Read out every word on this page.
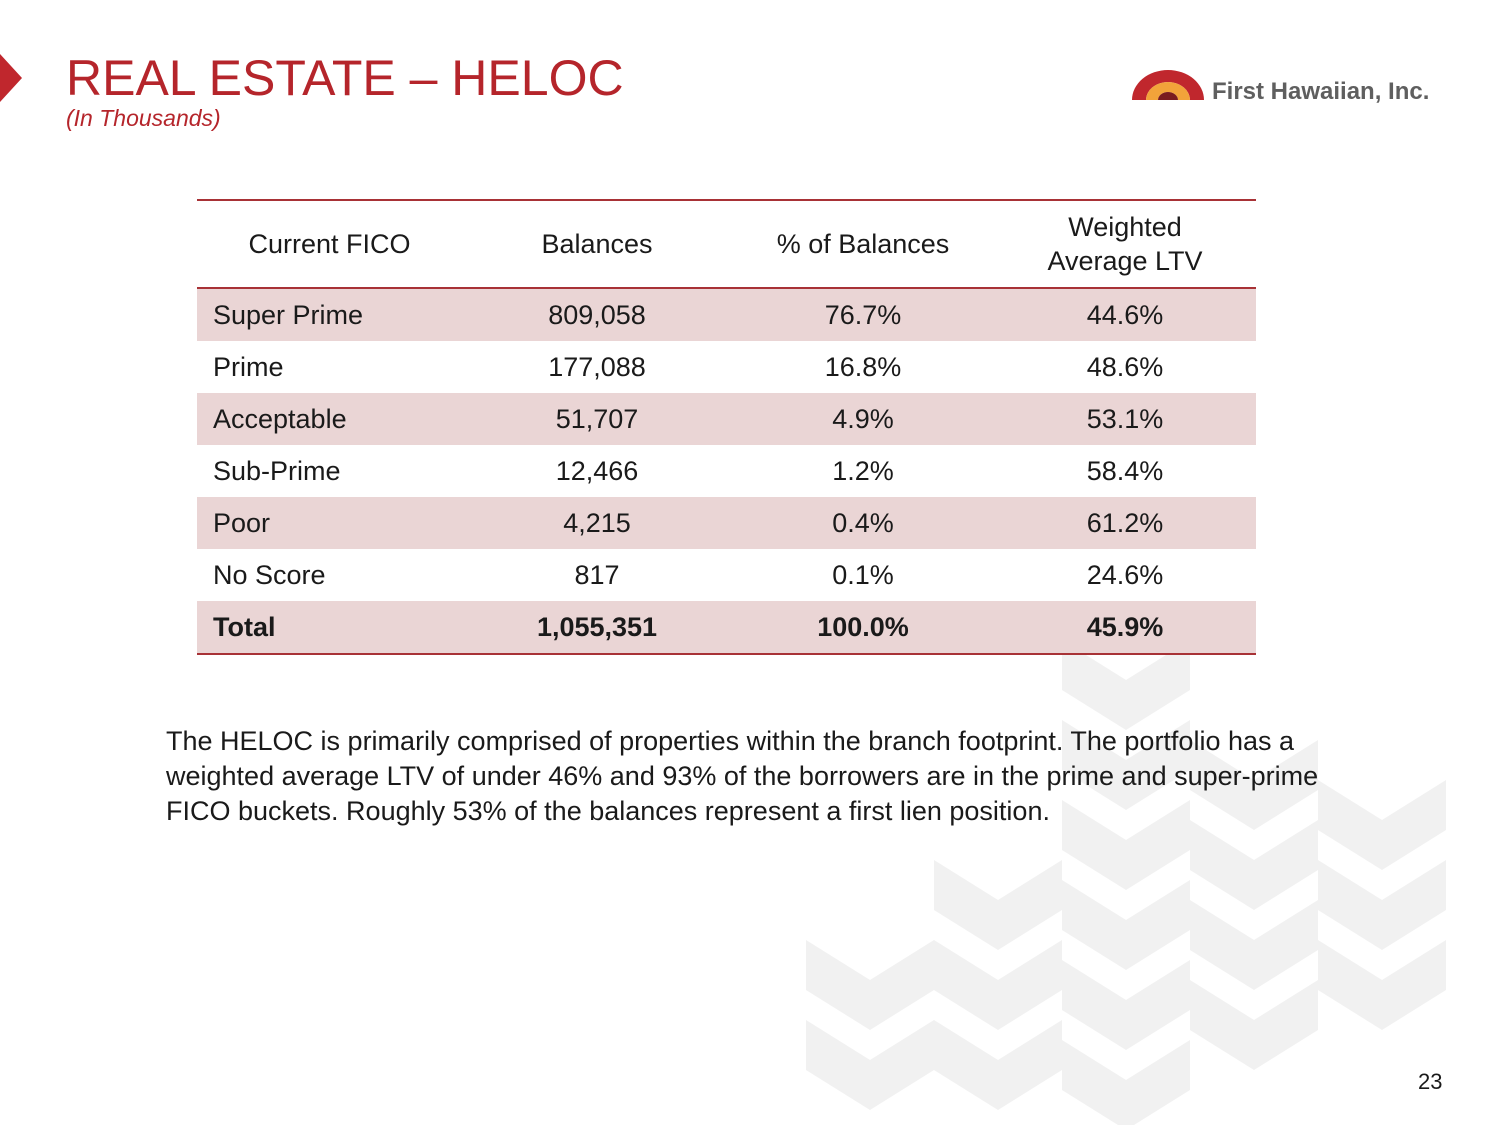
REAL ESTATE – HELOC
(In Thousands)
First Hawaiian, Inc.
Current FICO	Balances	% of Balances	Weighted Average LTV
Super Prime	809,058	76.7%	44.6%
Prime	177,088	16.8%	48.6%
Acceptable	51,707	4.9%	53.1%
Sub-Prime	12,466	1.2%	58.4%
Poor	4,215	0.4%	61.2%
No Score	817	0.1%	24.6%
Total	1,055,351	100.0%	45.9%

The HELOC is primarily comprised of properties within the branch footprint. The portfolio has a weighted average LTV of under 46% and 93% of the borrowers are in the prime and super-prime FICO buckets. Roughly 53% of the balances represent a first lien position.

23
